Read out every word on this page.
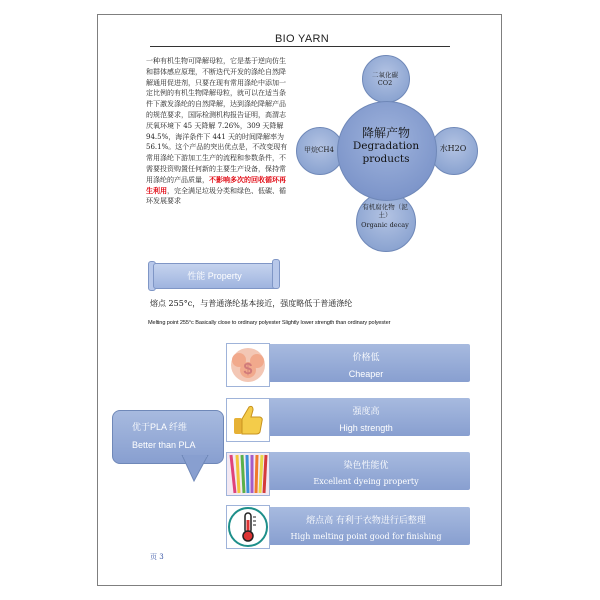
BIO YARN
一种有机生物可降解母粒，它是基于逆向仿生和群体感应原理，不断迭代开发的涤纶自然降解通用促进剂，只要在现有常用涤纶中添加一定比例的有机生物降解母粒，就可以在适当条件下激发涤纶的自然降解，达到涤纶降解产品的规范要求，国际检测机构报告证明，高渭志厌氧环境下 45 天降解 7.26%，309 天降解 94.5%，海洋条件下 441 天的时间降解率为 56.1%。这个产品的突出优点是，不改变现有常用涤纶下游加工生产的流程和参数条件，不需要投资购置任何新的主要生产设备，保持常用涤纶的产品质量，不影响多次的回收循环再生利用，完全满足垃圾分类和绿色、低碳、循环发展要求
二氧化碳
CO2
甲烷CH4	水H2O
有机腐化物（泥土）
Organic decay
降解产物
Degradation products
性能 Property
熔点 255°c，与普通涤纶基本接近，强度略低于普通涤纶
Melting point 255°c Basically close to ordinary polyester Slightly lower strength than ordinary polyester
优于PLA 纤维
Better than PLA
价格低
Cheaper
$
强度高
High strength
染色性能优
Excellent dyeing property
熔点高 有利于衣物进行后整理
High melting point good for finishing
页 3
